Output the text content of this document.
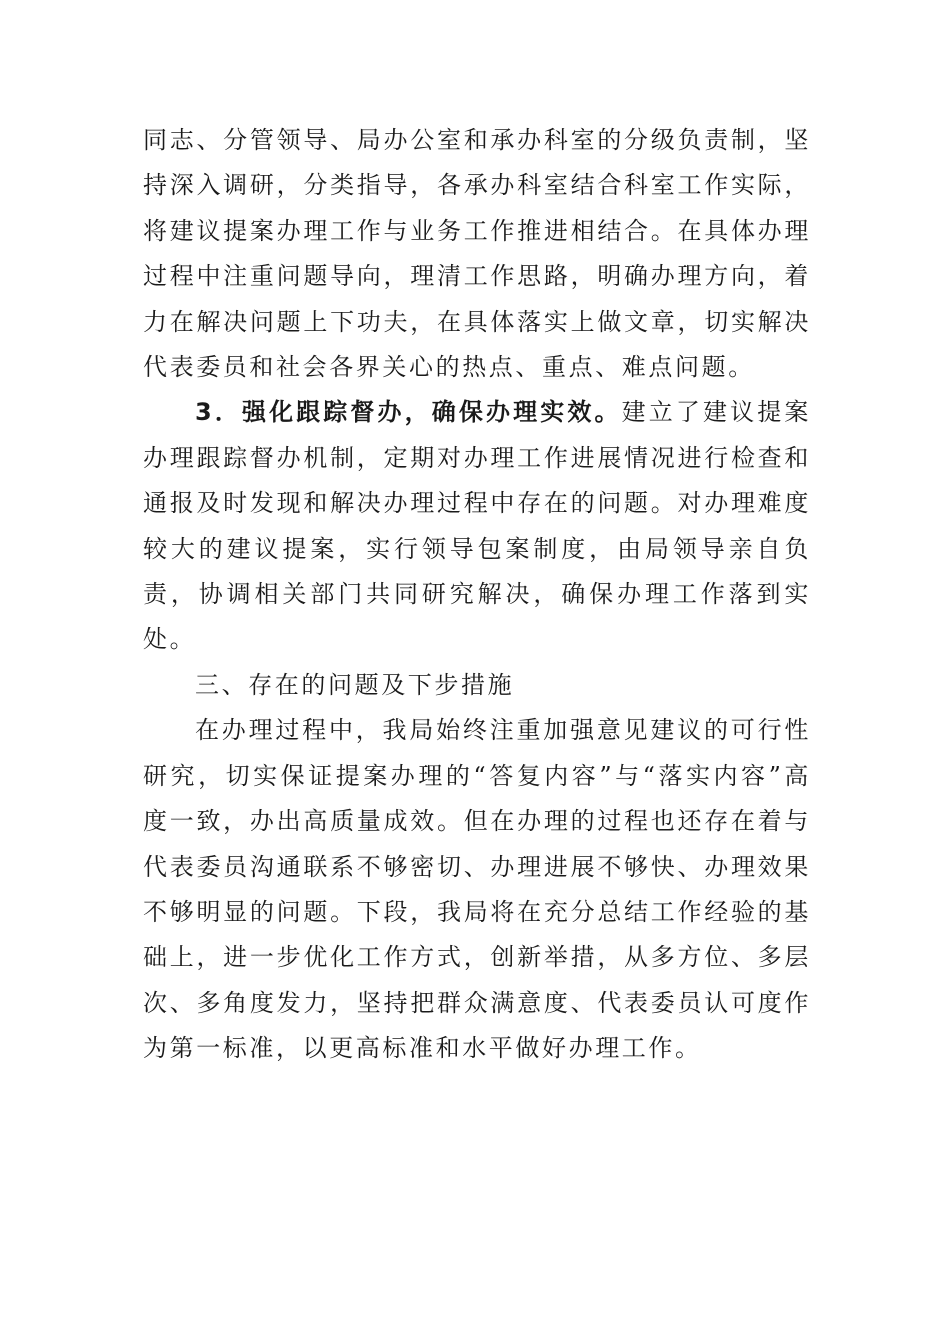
同志、分管领导、局办公室和承办科室的分级负责制，坚持深入调研，分类指导，各承办科室结合科室工作实际，将建议提案办理工作与业务工作推进相结合。在具体办理过程中注重问题导向，理清工作思路，明确办理方向，着力在解决问题上下功夫，在具体落实上做文章，切实解决代表委员和社会各界关心的热点、重点、难点问题。

3．强化跟踪督办，确保办理实效。建立了建议提案办理跟踪督办机制，定期对办理工作进展情况进行检查和通报及时发现和解决办理过程中存在的问题。对办理难度较大的建议提案，实行领导包案制度，由局领导亲自负责，协调相关部门共同研究解决，确保办理工作落到实处。

三、存在的问题及下步措施

在办理过程中，我局始终注重加强意见建议的可行性研究，切实保证提案办理的“答复内容”与“落实内容”高度一致，办出高质量成效。但在办理的过程也还存在着与代表委员沟通联系不够密切、办理进展不够快、办理效果不够明显的问题。下段，我局将在充分总结工作经验的基础上，进一步优化工作方式，创新举措，从多方位、多层次、多角度发力，坚持把群众满意度、代表委员认可度作为第一标准，以更高标准和水平做好办理工作。
